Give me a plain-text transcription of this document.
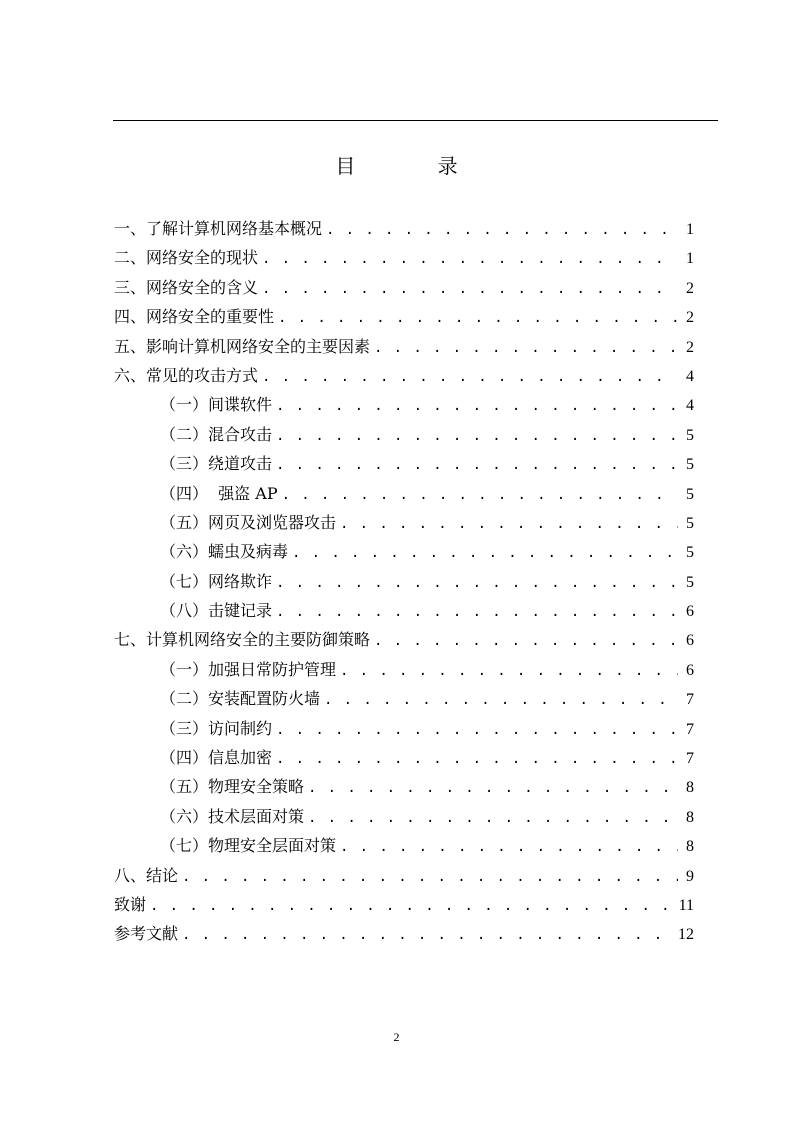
目 录
一、了解计算机网络基本概况 . . .	1
二、网络安全的现状 . . .	1
三、网络安全的含义 . . .	2
四、网络安全的重要性 . . .	2
五、影响计算机网络安全的主要因素 . . .	2
六、常见的攻击方式 . . .	4
（一）间谍软件 . . .	4
（二）混合攻击 . . .	5
（三）绕道攻击 . . .	5
（四）  强盗 AP . . .	5
（五）网页及浏览器攻击 . . .	5
（六）蠕虫及病毒 . . .	5
（七）网络欺诈 . . .	5
（八）击键记录 . . .	6
七、计算机网络安全的主要防御策略 . . .	6
（一）加强日常防护管理 . . .	6
（二）安装配置防火墙 . . .	7
（三）访问制约 . . .	7
（四）信息加密 . . .	7
（五）物理安全策略 . . .	8
（六）技术层面对策 . . .	8
（七）物理安全层面对策 . . .	8
八、结论 . . .	9
致谢 . . .	11
参考文献 . . .	12
2
